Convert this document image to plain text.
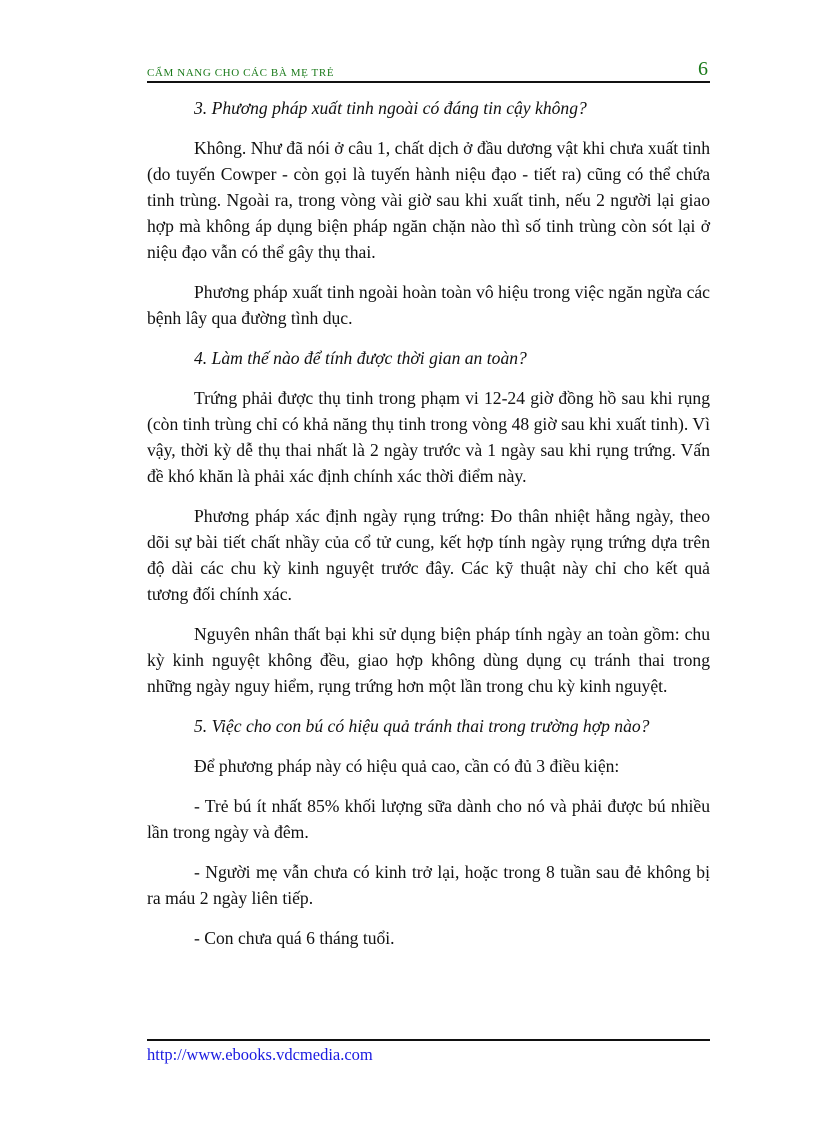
CẨM NANG CHO CÁC BÀ MẸ TRẺ	6

3. Phương pháp xuất tinh ngoài có đáng tin cậy không?

Không. Như đã nói ở câu 1, chất dịch ở đầu dương vật khi chưa xuất tinh (do tuyến Cowper - còn gọi là tuyến hành niệu đạo - tiết ra) cũng có thể chứa tinh trùng. Ngoài ra, trong vòng vài giờ sau khi xuất tinh, nếu 2 người lại giao hợp mà không áp dụng biện pháp ngăn chặn nào thì số tinh trùng còn sót lại ở niệu đạo vẫn có thể gây thụ thai.

Phương pháp xuất tinh ngoài hoàn toàn vô hiệu trong việc ngăn ngừa các bệnh lây qua đường tình dục.

4. Làm thế nào để tính được thời gian an toàn?

Trứng phải được thụ tinh trong phạm vi 12-24 giờ đồng hồ sau khi rụng (còn tinh trùng chỉ có khả năng thụ tinh trong vòng 48 giờ sau khi xuất tinh). Vì vậy, thời kỳ dễ thụ thai nhất là 2 ngày trước và 1 ngày sau khi rụng trứng. Vấn đề khó khăn là phải xác định chính xác thời điểm này.

Phương pháp xác định ngày rụng trứng: Đo thân nhiệt hằng ngày, theo dõi sự bài tiết chất nhầy của cổ tử cung, kết hợp tính ngày rụng trứng dựa trên độ dài các chu kỳ kinh nguyệt trước đây. Các kỹ thuật này chỉ cho kết quả tương đối chính xác.

Nguyên nhân thất bại khi sử dụng biện pháp tính ngày an toàn gồm: chu kỳ kinh nguyệt không đều, giao hợp không dùng dụng cụ tránh thai trong những ngày nguy hiểm, rụng trứng hơn một lần trong chu kỳ kinh nguyệt.

5. Việc cho con bú có hiệu quả tránh thai trong trường hợp nào?

Để phương pháp này có hiệu quả cao, cần có đủ 3 điều kiện:

- Trẻ bú ít nhất 85% khối lượng sữa dành cho nó và phải được bú nhiều lần trong ngày và đêm.

- Người mẹ vẫn chưa có kinh trở lại, hoặc trong 8 tuần sau đẻ không bị ra máu 2 ngày liên tiếp.

- Con chưa quá 6 tháng tuổi.

http://www.ebooks.vdcmedia.com
